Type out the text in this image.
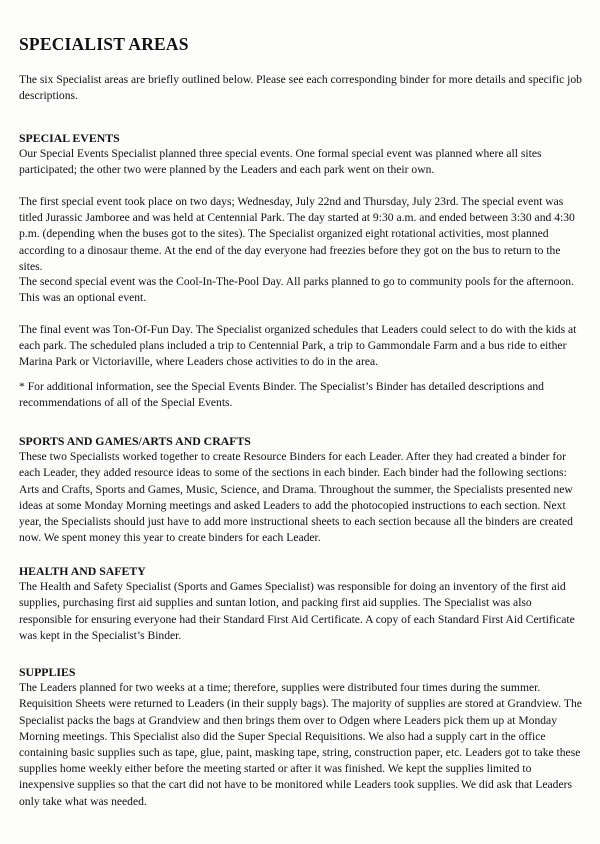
SPECIALIST AREAS

The six Specialist areas are briefly outlined below. Please see each corresponding binder for more details and specific job descriptions.

SPECIAL EVENTS
Our Special Events Specialist planned three special events. One formal special event was planned where all sites participated; the other two were planned by the Leaders and each park went on their own.

The first special event took place on two days; Wednesday, July 22nd and Thursday, July 23rd. The special event was titled Jurassic Jamboree and was held at Centennial Park. The day started at 9:30 a.m. and ended between 3:30 and 4:30 p.m. (depending when the buses got to the sites). The Specialist organized eight rotational activities, most planned according to a dinosaur theme. At the end of the day everyone had freezies before they got on the bus to return to the sites.

The second special event was the Cool-In-The-Pool Day. All parks planned to go to community pools for the afternoon. This was an optional event.

The final event was Ton-Of-Fun Day. The Specialist organized schedules that Leaders could select to do with the kids at each park. The scheduled plans included a trip to Centennial Park, a trip to Gammondale Farm and a bus ride to either Marina Park or Victoriaville, where Leaders chose activities to do in the area.

* For additional information, see the Special Events Binder. The Specialist’s Binder has detailed descriptions and recommendations of all of the Special Events.

SPORTS AND GAMES/ARTS AND CRAFTS
These two Specialists worked together to create Resource Binders for each Leader. After they had created a binder for each Leader, they added resource ideas to some of the sections in each binder. Each binder had the following sections: Arts and Crafts, Sports and Games, Music, Science, and Drama. Throughout the summer, the Specialists presented new ideas at some Monday Morning meetings and asked Leaders to add the photocopied instructions to each section. Next year, the Specialists should just have to add more instructional sheets to each section because all the binders are created now. We spent money this year to create binders for each Leader.
HEALTH AND SAFETY
The Health and Safety Specialist (Sports and Games Specialist) was responsible for doing an inventory of the first aid supplies, purchasing first aid supplies and suntan lotion, and packing first aid supplies. The Specialist was also responsible for ensuring everyone had their Standard First Aid Certificate. A copy of each Standard First Aid Certificate was kept in the Specialist’s Binder.
SUPPLIES
The Leaders planned for two weeks at a time; therefore, supplies were distributed four times during the summer. Requisition Sheets were returned to Leaders (in their supply bags). The majority of supplies are stored at Grandview. The Specialist packs the bags at Grandview and then brings them over to Odgen where Leaders pick them up at Monday Morning meetings. This Specialist also did the Super Special Requisitions. We also had a supply cart in the office containing basic supplies such as tape, glue, paint, masking tape, string, construction paper, etc. Leaders got to take these supplies home weekly either before the meeting started or after it was finished. We kept the supplies limited to inexpensive supplies so that the cart did not have to be monitored while Leaders took supplies. We did ask that Leaders only take what was needed.
